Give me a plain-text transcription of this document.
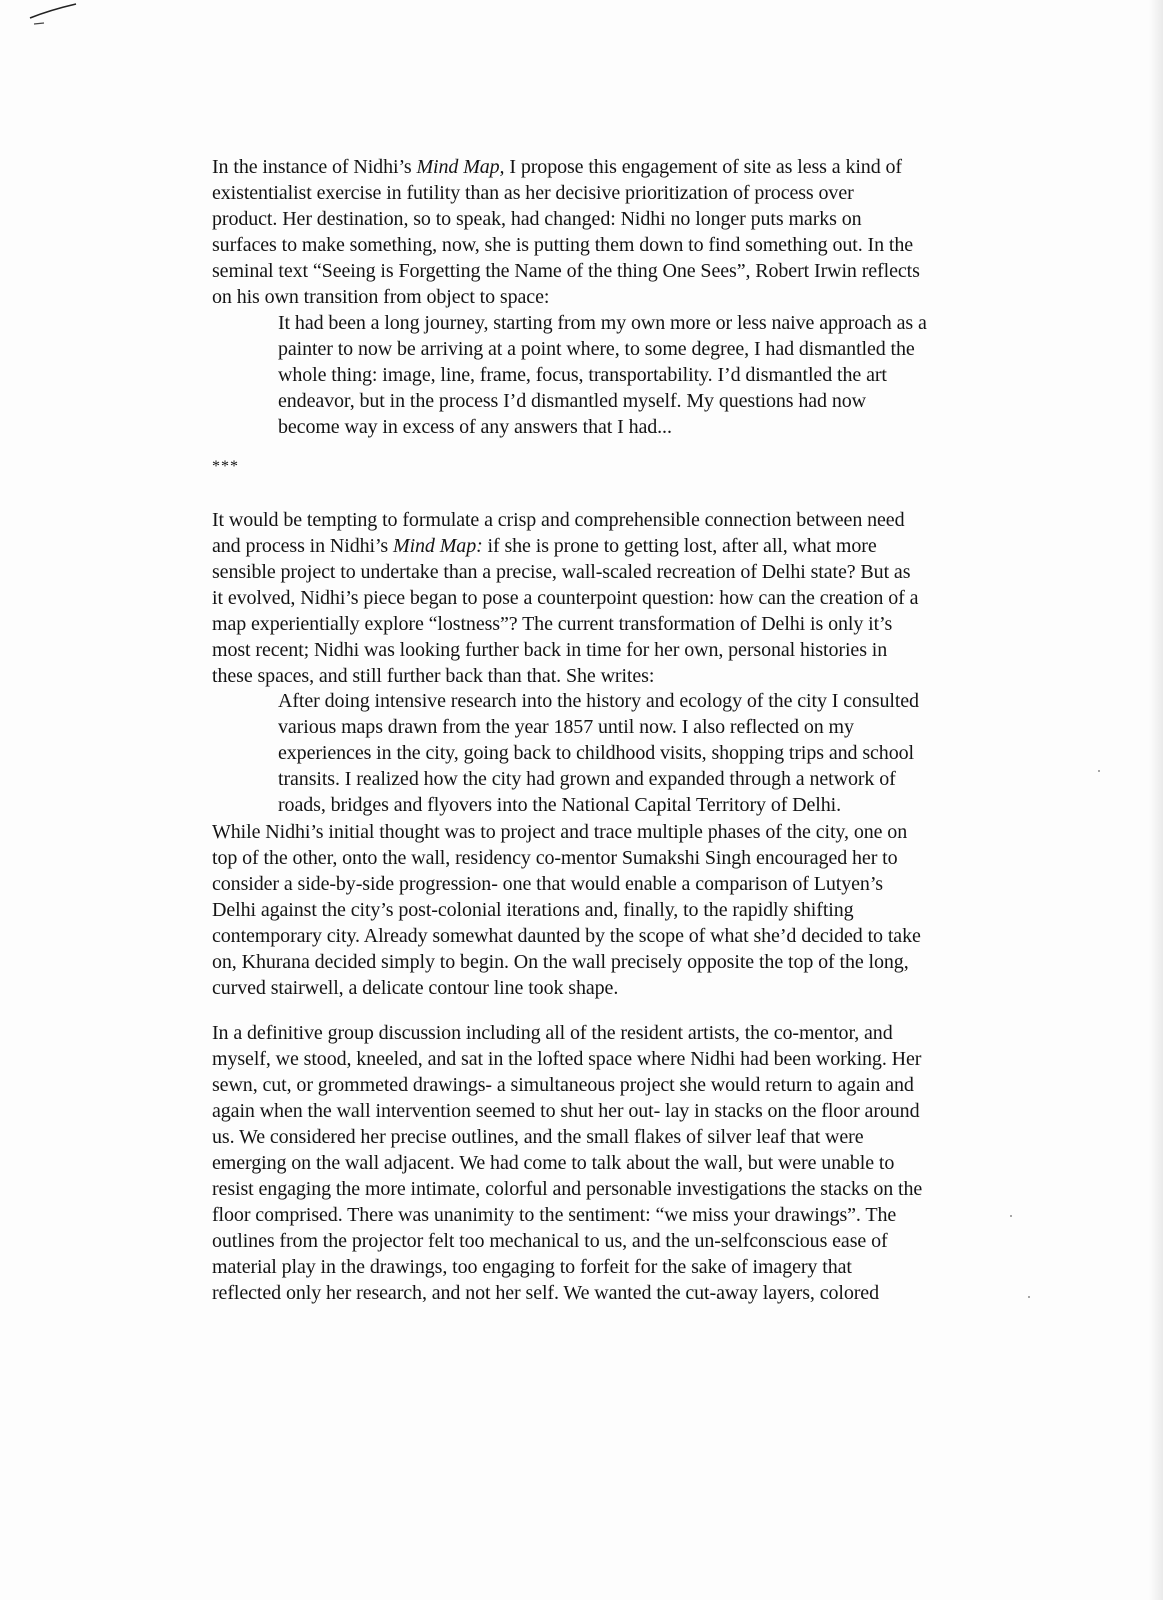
In the instance of Nidhi’s Mind Map, I propose this engagement of site as less a kind of
existentialist exercise in futility than as her decisive prioritization of process over
product. Her destination, so to speak, had changed: Nidhi no longer puts marks on
surfaces to make something, now, she is putting them down to find something out. In the
seminal text “Seeing is Forgetting the Name of the thing One Sees”, Robert Irwin reflects
on his own transition from object to space:

It had been a long journey, starting from my own more or less naive approach as a
painter to now be arriving at a point where, to some degree, I had dismantled the
whole thing: image, line, frame, focus, transportability. I’d dismantled the art
endeavor, but in the process I’d dismantled myself. My questions had now
become way in excess of any answers that I had...

***

It would be tempting to formulate a crisp and comprehensible connection between need
and process in Nidhi’s Mind Map: if she is prone to getting lost, after all, what more
sensible project to undertake than a precise, wall-scaled recreation of Delhi state? But as
it evolved, Nidhi’s piece began to pose a counterpoint question: how can the creation of a
map experientially explore “lostness”? The current transformation of Delhi is only it’s
most recent; Nidhi was looking further back in time for her own, personal histories in
these spaces, and still further back than that. She writes:

After doing intensive research into the history and ecology of the city I consulted
various maps drawn from the year 1857 until now. I also reflected on my
experiences in the city, going back to childhood visits, shopping trips and school
transits. I realized how the city had grown and expanded through a network of
roads, bridges and flyovers into the National Capital Territory of Delhi.

While Nidhi’s initial thought was to project and trace multiple phases of the city, one on
top of the other, onto the wall, residency co-mentor Sumakshi Singh encouraged her to
consider a side-by-side progression- one that would enable a comparison of Lutyen’s
Delhi against the city’s post-colonial iterations and, finally, to the rapidly shifting
contemporary city. Already somewhat daunted by the scope of what she’d decided to take
on, Khurana decided simply to begin. On the wall precisely opposite the top of the long,
curved stairwell, a delicate contour line took shape.

In a definitive group discussion including all of the resident artists, the co-mentor, and
myself, we stood, kneeled, and sat in the lofted space where Nidhi had been working. Her
sewn, cut, or grommeted drawings- a simultaneous project she would return to again and
again when the wall intervention seemed to shut her out- lay in stacks on the floor around
us. We considered her precise outlines, and the small flakes of silver leaf that were
emerging on the wall adjacent. We had come to talk about the wall, but were unable to
resist engaging the more intimate, colorful and personable investigations the stacks on the
floor comprised. There was unanimity to the sentiment: “we miss your drawings”. The
outlines from the projector felt too mechanical to us, and the un-selfconscious ease of
material play in the drawings, too engaging to forfeit for the sake of imagery that
reflected only her research, and not her self. We wanted the cut-away layers, colored
